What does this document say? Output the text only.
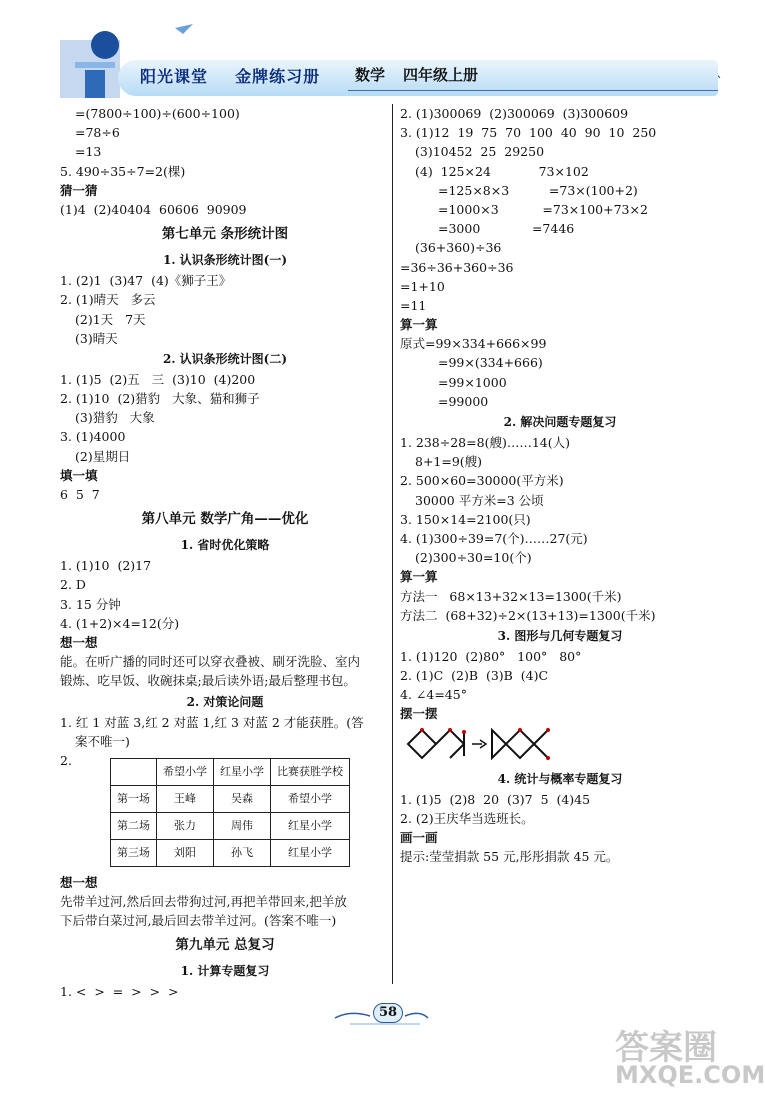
阳光课堂 金牌练习册 数学 四年级上册
=(7800÷100)÷(600÷100)
=78÷6
=13
5. 490÷35÷7=2(棵)
猜一猜
(1)4  (2)40404  60606  90909
第七单元 条形统计图
1. 认识条形统计图(一)
1. (2)1  (3)47  (4)《狮子王》
2. (1)晴天   多云
(2)1天   7天
(3)晴天
2. 认识条形统计图(二)
1. (1)5  (2)五   三  (3)10  (4)200
2. (1)10  (2)猎豹   大象、猫和狮子
(3)猎豹   大象
3. (1)4000
(2)星期日
填一填
6  5  7
第八单元 数学广角——优化
1. 省时优化策略
1. (1)10  (2)17
2. D
3. 15 分钟
4. (1+2)×4=12(分)
想一想
能。在听广播的同时还可以穿衣叠被、刷牙洗脸、室内
锻炼、吃早饭、收碗抹桌;最后读外语;最后整理书包。
2. 对策论问题
1. 红 1 对蓝 3,红 2 对蓝 1,红 3 对蓝 2 才能获胜。(答
案不唯一)
2.
	希望小学	红星小学	比赛获胜学校
第一场	王峰	吴森	希望小学
第二场	张力	周伟	红星小学
第三场	刘阳	孙飞	红星小学
想一想
先带羊过河,然后回去带狗过河,再把羊带回来,把羊放
下后带白菜过河,最后回去带羊过河。(答案不唯一)
第九单元 总复习
1. 计算专题复习
1. <  >  =  >  >  >
2. (1)300069  (2)300069  (3)300609
3. (1)12  19  75  70  100  40  90  10  250
(3)10452  25  29250
(4)  125×24            73×102
=125×8×3          =73×(100+2)
=1000×3           =73×100+73×2
=3000             =7446
(36+360)÷36
=36÷36+360÷36
=1+10
=11
算一算
原式=99×334+666×99
=99×(334+666)
=99×1000
=99000
2. 解决问题专题复习
1. 238÷28=8(艘)……14(人)
8+1=9(艘)
2. 500×60=30000(平方米)
30000 平方米=3 公顷
3. 150×14=2100(只)
4. (1)300÷39=7(个)……27(元)
(2)300÷30=10(个)
算一算
方法一   68×13+32×13=1300(千米)
方法二  (68+32)÷2×(13+13)=1300(千米)
3. 图形与几何专题复习
1. (1)120  (2)80°   100°   80°
2. (1)C  (2)B  (3)B  (4)C
4. ∠4=45°
摆一摆
4. 统计与概率专题复习
1. (1)5  (2)8  20  (3)7  5  (4)45
2. (2)王庆华当选班长。
画一画
提示:莹莹捐款 55 元,彤彤捐款 45 元。
58
答案圈
MXQE.COM
